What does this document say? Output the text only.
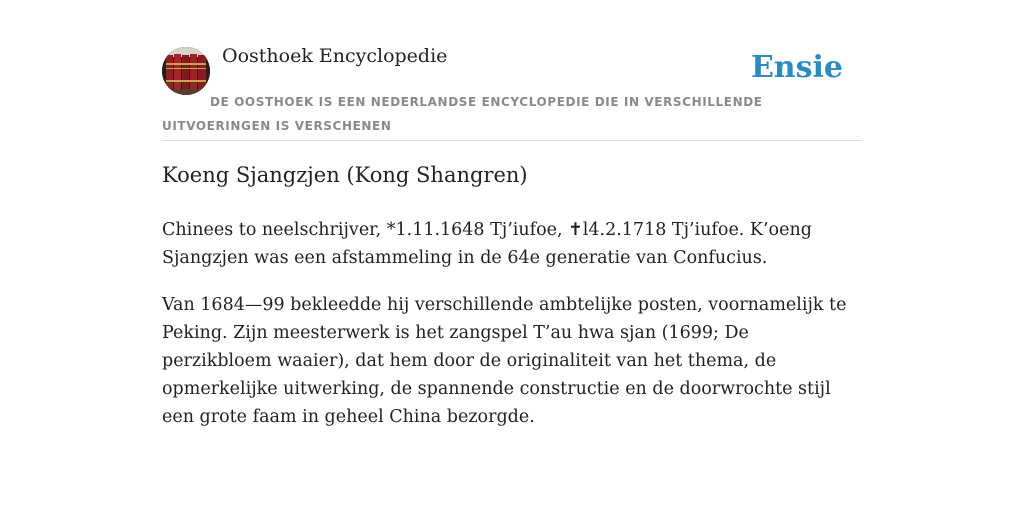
Oosthoek Encyclopedie	Ensie
DE OOSTHOEK IS EEN NEDERLANDSE ENCYCLOPEDIE DIE IN VERSCHILLENDE UITVOERINGEN IS VERSCHENEN
Koeng Sjangzjen (Kong Shangren)

Chinees to neelschrijver, *1.11.1648 Tj’iufoe, ✝l4.2.1718 Tj’iufoe. K’oeng Sjangzjen was een afstammeling in de 64e generatie van Confucius.

Van 1684—99 bekleedde hij verschillende ambtelijke posten, voornamelijk te Peking. Zijn meesterwerk is het zangspel T’au hwa sjan (1699; De perzikbloem waaier), dat hem door de originaliteit van het thema, de opmerkelijke uitwerking, de spannende constructie en de doorwrochte stijl een grote faam in geheel China bezorgde.
